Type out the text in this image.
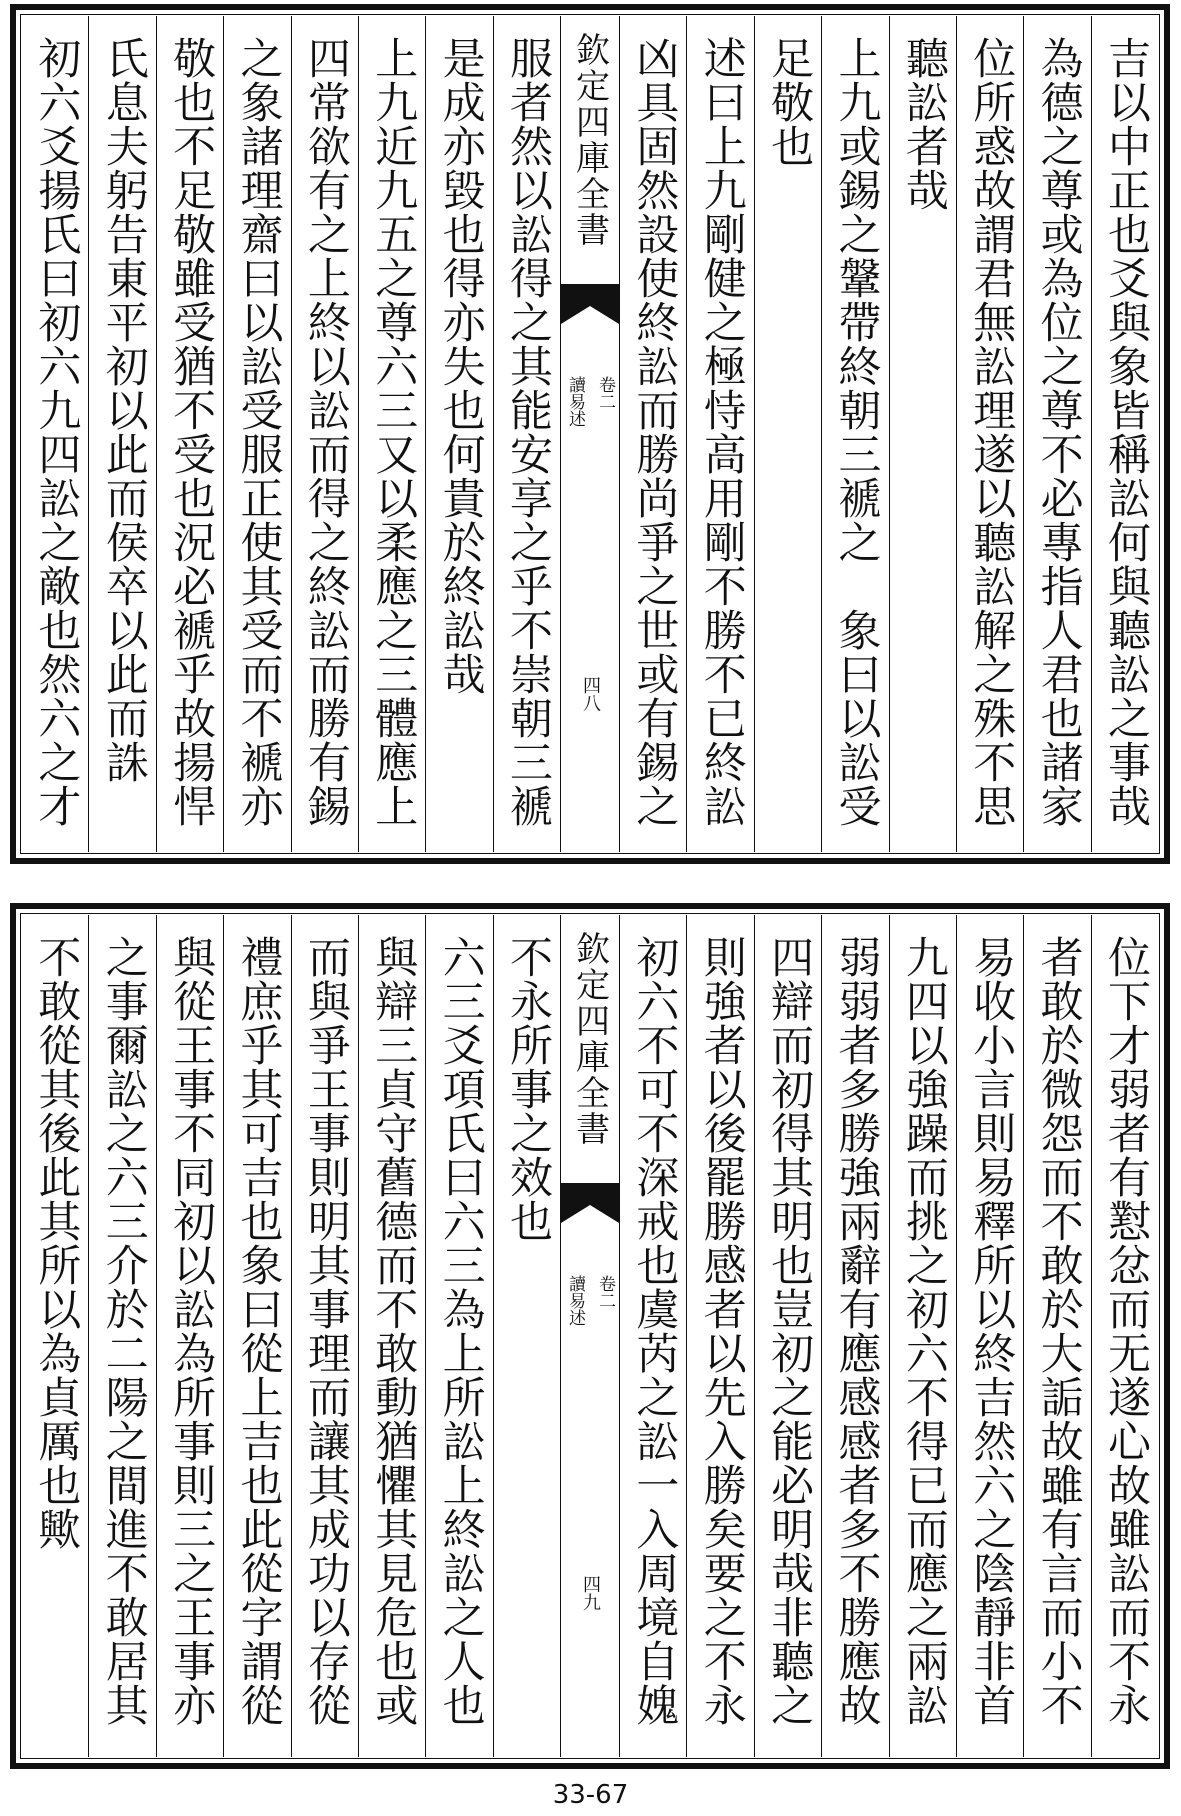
吉以中正也爻與象皆稱訟何與聽訟之事哉
為德之尊或為位之尊不必專指人君也諸家
位所惑故謂君無訟理遂以聽訟解之殊不思
聽訟者哉
上九或錫之鞶帶終朝三褫之　象曰以訟受
足敬也
述曰上九剛健之極恃高用剛不勝不已終訟
凶具固然設使終訟而勝尚爭之世或有錫之
欽定四庫全書
讀易述 卷二
四八
服者然以訟得之其能安享之乎不崇朝三褫
是成亦毀也得亦失也何貴於終訟哉
上九近九五之尊六三又以柔應之三體應上
四常欲有之上終以訟而得之終訟而勝有錫
之象諸理齋曰以訟受服正使其受而不褫亦
敬也不足敬雖受猶不受也況必褫乎故揚悍
氏息夫躬告東平初以此而侯卒以此而誅
初六爻揚氏曰初六九四訟之敵也然六之才
位下才弱者有懟忿而无遂心故雖訟而不永
者敢於微怨而不敢於大詬故雖有言而小不
易收小言則易釋所以終吉然六之陰靜非首
九四以強躁而挑之初六不得已而應之兩訟
弱弱者多勝強兩辭有應感感者多不勝應故
四辯而初得其明也豈初之能必明哉非聽之
則強者以後罷勝感者以先入勝矣要之不永
初六不可不深戒也虞芮之訟一入周境自媿
欽定四庫全書
讀易述 卷二
四九
不永所事之效也
六三爻項氏曰六三為上所訟上終訟之人也
與辯三貞守舊德而不敢動猶懼其見危也或
而與爭王事則明其事理而讓其成功以存從
禮庶乎其可吉也象曰從上吉也此從字謂從
與從王事不同初以訟為所事則三之王事亦
之事爾訟之六三介於二陽之間進不敢居其
不敢從其後此其所以為貞厲也歟
33-67
